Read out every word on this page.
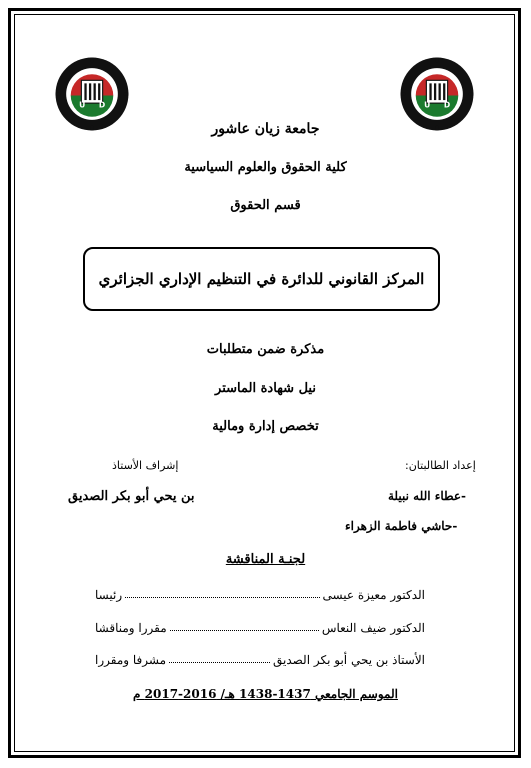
U D	U D
جامعة زيان عاشور
كلية الحقوق والعلوم السياسية
قسم الحقوق
المركز القانوني للدائرة في التنظيم الإداري الجزائري
مذكرة ضمن متطلبات
نيل شهادة الماستر
تخصص إدارة ومالية
إعداد الطالبتان:
إشراف الأستاذ
-عطاء الله نبيلة
-حاشي فاطمة الزهراء
بن يحي أبو بكر الصديق
لجنـة المناقشة
الدكتور معيزة عيسى
رئيسا
الدكتور ضيف النعاس
مقررا ومناقشا
الأستاذ بن يحي أبو بكر الصديق
مشرفا ومقررا
الموسم الجامعي 1437-1438 هـ/ 2016-2017 م
